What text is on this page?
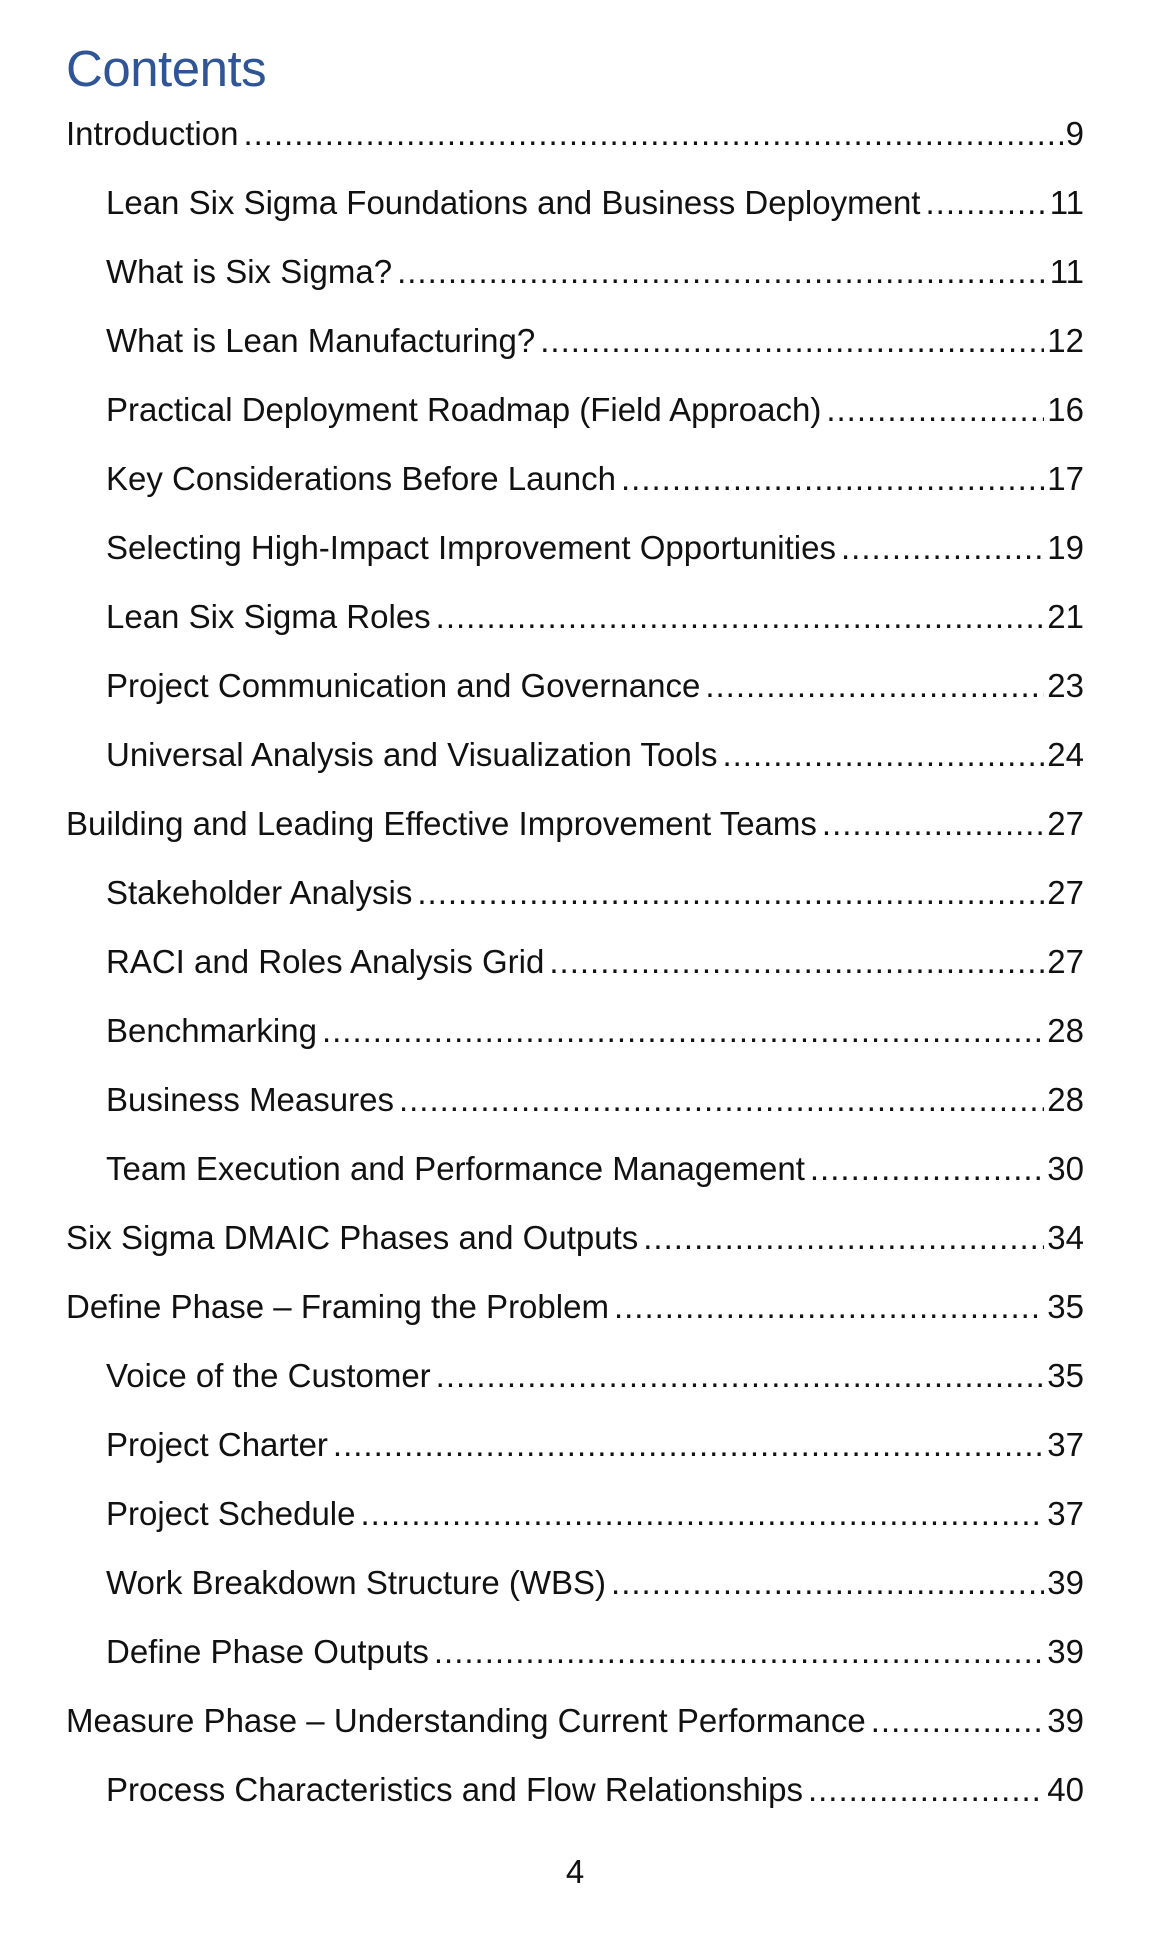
Contents
Introduction .....	9
Lean Six Sigma Foundations and Business Deployment .....	11
What is Six Sigma? .....	11
What is Lean Manufacturing? .....	12
Practical Deployment Roadmap (Field Approach) .....	16
Key Considerations Before Launch .....	17
Selecting High-Impact Improvement Opportunities .....	19
Lean Six Sigma Roles .....	21
Project Communication and Governance .....	23
Universal Analysis and Visualization Tools .....	24
Building and Leading Effective Improvement Teams .....	27
Stakeholder Analysis .....	27
RACI and Roles Analysis Grid .....	27
Benchmarking .....	28
Business Measures .....	28
Team Execution and Performance Management .....	30
Six Sigma DMAIC Phases and Outputs .....	34
Define Phase – Framing the Problem .....	35
Voice of the Customer .....	35
Project Charter .....	37
Project Schedule .....	37
Work Breakdown Structure (WBS) .....	39
Define Phase Outputs .....	39
Measure Phase – Understanding Current Performance .....	39
Process Characteristics and Flow Relationships .....	40
4
